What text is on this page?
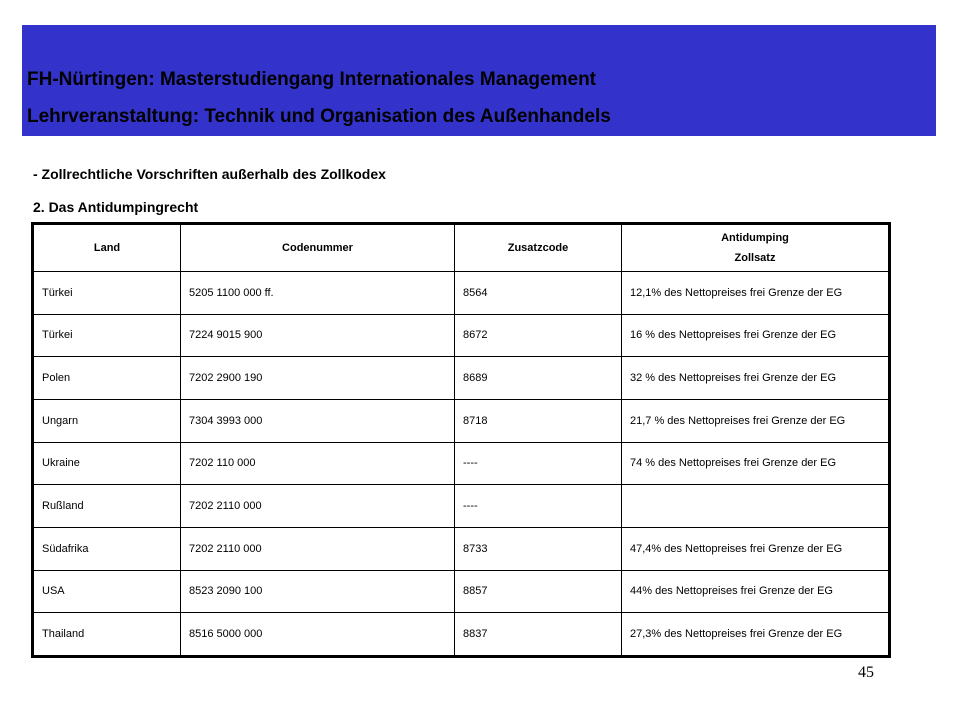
FH-Nürtingen: Masterstudiengang Internationales Management
Lehrveranstaltung: Technik und Organisation des Außenhandels
- Zollrechtliche Vorschriften außerhalb des Zollkodex
2. Das Antidumpingrecht
Land	Codenummer	Zusatzcode	Antidumping
Zollsatz

Türkei	5205 1100 000 ff.	8564	12,1% des Nettopreises frei Grenze der EG
Türkei	7224 9015 900	8672	16 % des Nettopreises frei Grenze der EG
Polen	7202 2900 190	8689	32 % des Nettopreises frei Grenze der EG
Ungarn	7304 3993 000	8718	21,7 % des Nettopreises frei Grenze der EG
Ukraine	7202 110 000	----	74 % des Nettopreises frei Grenze der EG
Rußland	7202 2110 000	----	
Südafrika	7202 2110 000	8733	47,4% des Nettopreises frei Grenze der EG
USA	8523 2090 100	8857	44% des Nettopreises frei Grenze der EG
Thailand	8516 5000 000	8837	27,3% des Nettopreises frei Grenze der EG
45
